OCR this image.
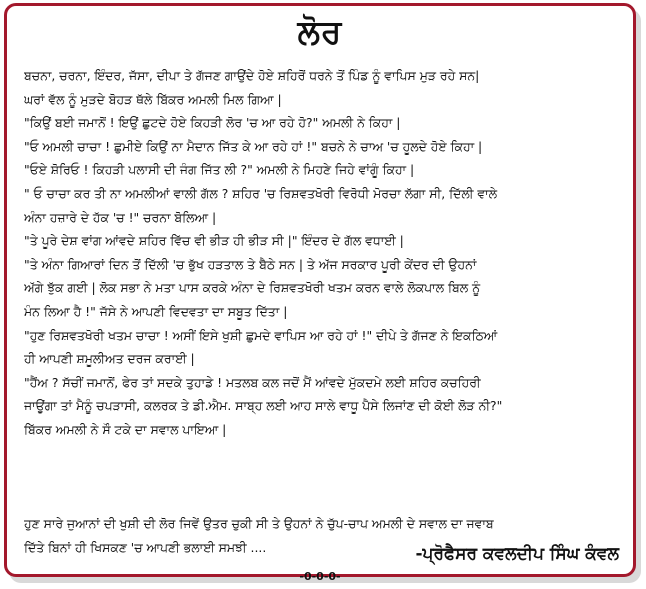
ਲੋਰ

ਬਚਨਾ, ਚਰਨਾ, ਇੰਦਰ, ਜੱਸਾ, ਦੀਪਾ ਤੇ ਗੱਜਣ ਗਾਉਂਦੇ ਹੋਏ ਸ਼ਹਿਰੋਂ ਧਰਨੇ ਤੋਂ ਪਿੰਡ ਨੂੰ ਵਾਪਿਸ ਮੁੜ ਰਹੇ ਸਨ|

ਘਰਾਂ ਵੱਲ ਨੂੰ ਮੁੜਦੇ ਬੋਹੜ ਥੱਲੇ ਬਿੱਕਰ ਅਮਲੀ ਮਿਲ ਗਿਆ |

"ਕਿਉਂ ਬਈ ਜਮਾਨੋਂ ! ਇਉਂ ਛੁਟਦੇ ਹੋਏ ਕਿਹੜੀ ਲੋਰ 'ਚ ਆ ਰਹੇ ਹੋ?" ਅਮਲੀ ਨੇ ਕਿਹਾ |

"ਓ ਅਮਲੀ ਚਾਚਾ ! ਛੁਮੀਏ ਕਿਉਂ ਨਾ ਮੈਦਾਨ ਜਿੱਤ ਕੇ ਆ ਰਹੇ ਹਾਂ !" ਬਚਨੇ ਨੇ ਚਾਅ 'ਚ ਹੂਲਦੇ ਹੋਏ ਕਿਹਾ |

"ਓਏ ਸ਼ੋਰਿਓ ! ਕਿਹੜੀ ਪਲਾਸੀ ਦੀ ਜੰਗ ਜਿੱਤ ਲੀ ?" ਅਮਲੀ ਨੇ ਮਿਹਣੇ ਜਿਹੇ ਵਾਂਗੂੰ ਕਿਹਾ |

" ਓ ਚਾਚਾ ਕਰ ਤੀ ਨਾ ਅਮਲੀਆਂ ਵਾਲੀ ਗੱਲ ? ਸ਼ਹਿਰ 'ਚ ਰਿਸ਼ਵਤਖੋਰੀ ਵਿਰੋਧੀ ਮੋਰਚਾ ਲੱਗਾ ਸੀ, ਦਿੱਲੀ ਵਾਲੇ

ਅੰਨਾ ਹਜ਼ਾਰੇ ਦੇ ਹੱਕ 'ਚ !" ਚਰਨਾ ਬੋਲਿਆ |

"ਤੇ ਪੂਰੇ ਦੇਸ਼ ਵਾਂਗ ਆਂਵਦੇ ਸ਼ਹਿਰ ਵਿੱਚ ਵੀ ਭੀੜ ਹੀ ਭੀੜ ਸੀ |" ਇੰਦਰ ਦੇ ਗੱਲ ਵਧਾਈ |

"ਤੇ ਅੰਨਾ ਗਿਆਰਾਂ ਦਿਨ ਤੋਂ ਦਿੱਲੀ 'ਚ ਭੁੱਖ ਹੜਤਾਲ ਤੇ ਬੈਠੇ ਸਨ | ਤੇ ਅੱਜ ਸਰਕਾਰ ਪੂਰੀ ਕੇਂਦਰ ਦੀ ਉਹਨਾਂ

ਅੱਗੇ ਝੁੱਕ ਗਈ | ਲੋਕ ਸਭਾ ਨੇ ਮਤਾ ਪਾਸ ਕਰਕੇ ਅੰਨਾ ਦੇ ਰਿਸ਼ਵਤਖੋਰੀ ਖਤਮ ਕਰਨ ਵਾਲੇ ਲੋਕਪਾਲ ਬਿਲ ਨੂੰ

ਮੰਨ ਲਿਆ ਹੈ !" ਜੱਸੇ ਨੇ ਆਪਣੀ ਵਿਦਵਤਾ ਦਾ ਸਬੂਤ ਦਿੱਤਾ |

"ਹੁਣ ਰਿਸ਼ਵਤਖੋਰੀ ਖਤਮ ਚਾਚਾ ! ਅਸੀਂ ਇਸੇ ਖੁਸ਼ੀ ਛੁਮਦੇ ਵਾਪਿਸ ਆ ਰਹੇ ਹਾਂ !" ਦੀਪੇ ਤੇ ਗੱਜਣ ਨੇ ਇਕਠਿਆਂ

ਹੀ ਆਪਣੀ ਸ਼ਮੂਲੀਅਤ ਦਰਜ ਕਰਾਈ |

"ਹੈਂਅ ? ਸੱਚੀਂ ਜਮਾਨੋਂ, ਫੇਰ ਤਾਂ ਸਦਕੇ ਤੁਹਾਡੇ ! ਮਤਲਬ ਕਲ ਜਦੋਂ ਮੈਂ ਆਂਵਦੇ ਮੁੱਕਦਮੇ ਲਈ ਸ਼ਹਿਰ ਕਚਹਿਰੀ

ਜਾਊਂਗਾ ਤਾਂ ਮੈਨੂੰ ਚਪੜਾਸੀ, ਕਲਰਕ ਤੇ ਡੀ.ਐਮ. ਸਾਬ੍ਹ ਲਈ ਆਹ ਸਾਲੇ ਵਾਧੂ ਪੈਸੇ ਲਿਜਾਂਣ ਦੀ ਕੋਈ ਲੋੜ ਨੀ?"

ਬਿੱਕਰ ਅਮਲੀ ਨੇ ਸੌ ਟਕੇ ਦਾ ਸਵਾਲ ਪਾਇਆ |

ਹੁਣ ਸਾਰੇ ਜੁਆਨਾਂ ਦੀ ਖੁਸ਼ੀ ਦੀ ਲੋਰ ਜਿਵੇਂ ਉਤਰ ਚੁਕੀ ਸੀ ਤੇ ਉਹਨਾਂ ਨੇ ਚੁੱਪ-ਚਾਪ ਅਮਲੀ ਦੇ ਸਵਾਲ ਦਾ ਜਵਾਬ

ਦਿੱਤੇ ਬਿਨਾਂ ਹੀ ਖਿਸਕਣ 'ਚ ਆਪਣੀ ਭਲਾਈ ਸਮਝੀ ....	-ਪ੍ਰੋਫੈਸਰ ਕਵਲਦੀਪ ਸਿੰਘ ਕੰਵਲ
-0-0-0-
